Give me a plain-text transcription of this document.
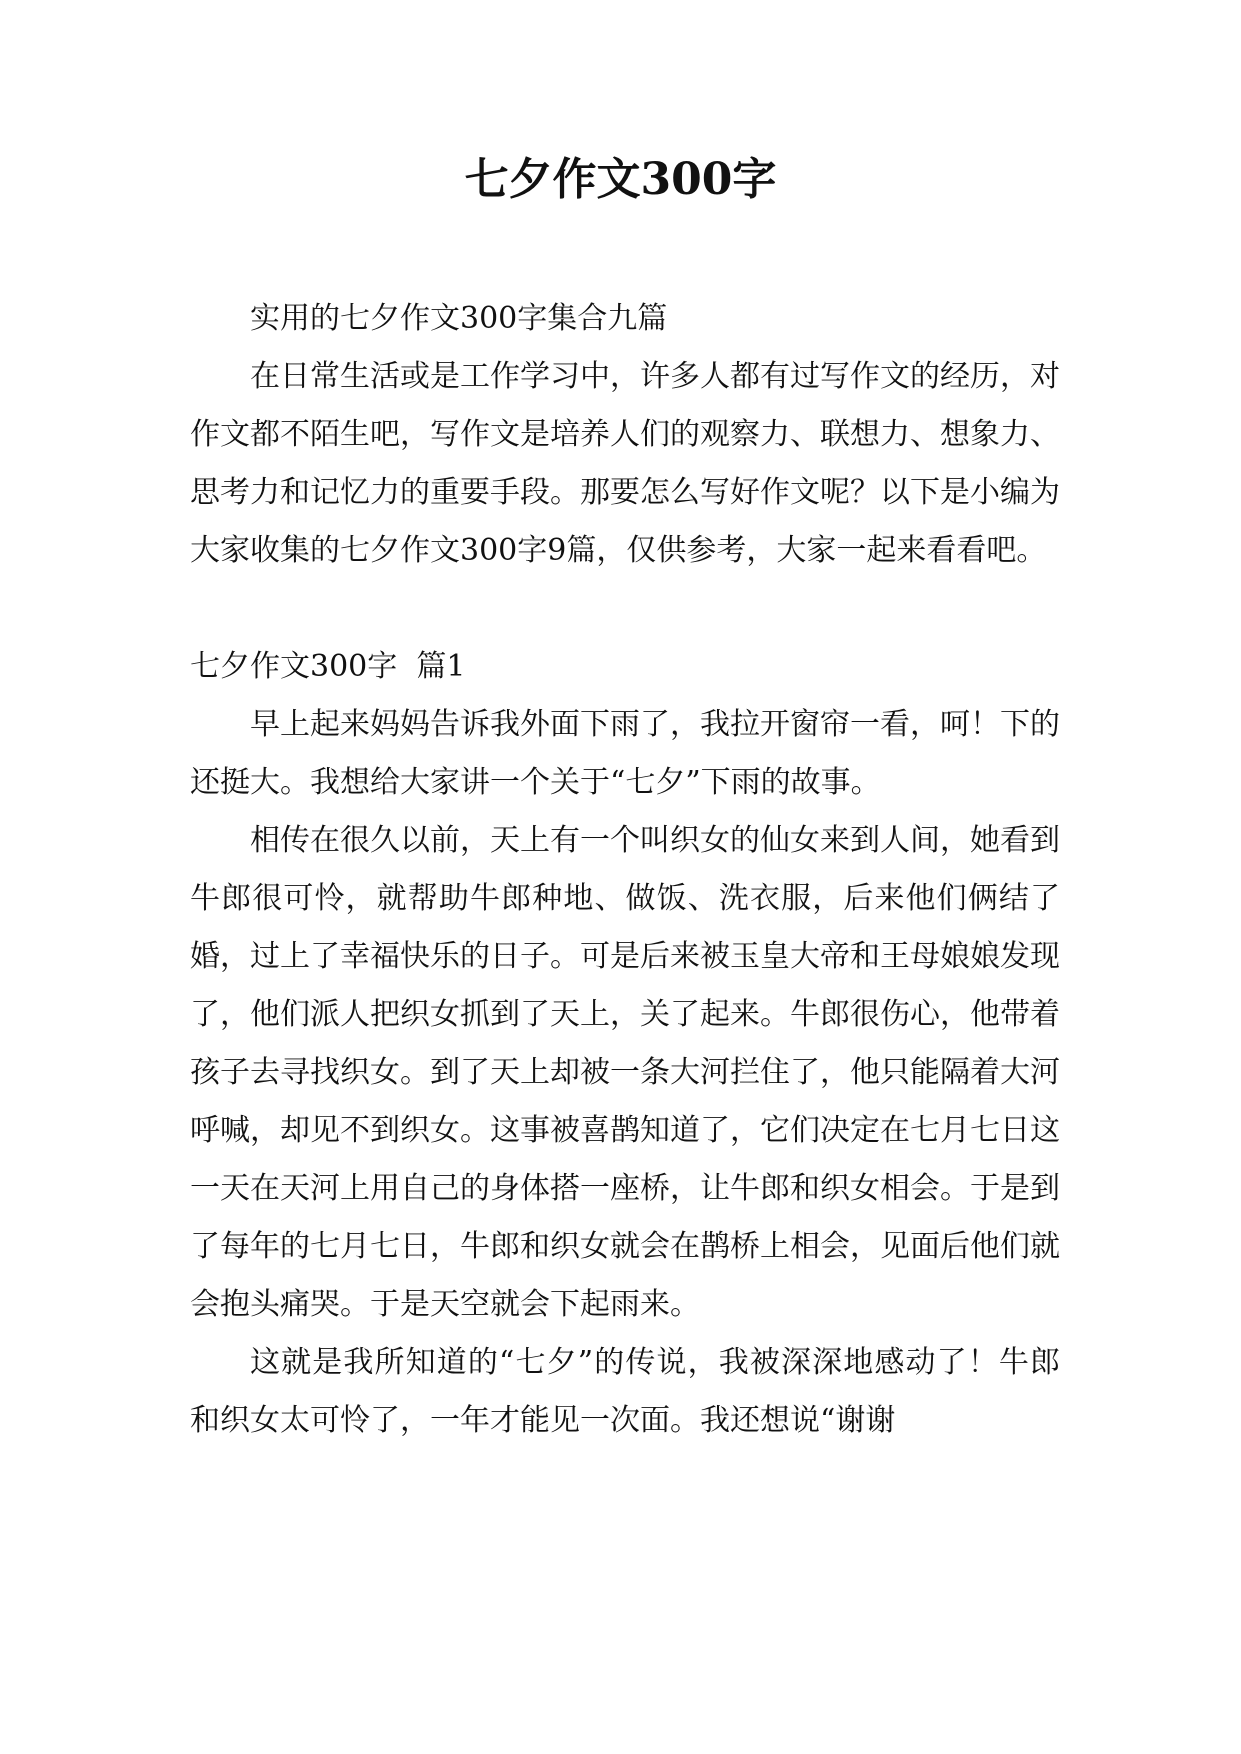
七夕作文300字

实用的七夕作文300字集合九篇

在日常生活或是工作学习中，许多人都有过写作文的经历，对作文都不陌生吧，写作文是培养人们的观察力、联想力、想象力、思考力和记忆力的重要手段。那要怎么写好作文呢？以下是小编为大家收集的七夕作文300字9篇，仅供参考，大家一起来看看吧。

七夕作文300字  篇1

早上起来妈妈告诉我外面下雨了，我拉开窗帘一看，呵！下的还挺大。我想给大家讲一个关于“七夕”下雨的故事。

相传在很久以前，天上有一个叫织女的仙女来到人间，她看到牛郎很可怜，就帮助牛郎种地、做饭、洗衣服，后来他们俩结了婚，过上了幸福快乐的日子。可是后来被玉皇大帝和王母娘娘发现了，他们派人把织女抓到了天上，关了起来。牛郎很伤心，他带着孩子去寻找织女。到了天上却被一条大河拦住了，他只能隔着大河呼喊，却见不到织女。这事被喜鹊知道了，它们决定在七月七日这一天在天河上用自己的身体搭一座桥，让牛郎和织女相会。于是到了每年的七月七日，牛郎和织女就会在鹊桥上相会，见面后他们就会抱头痛哭。于是天空就会下起雨来。

这就是我所知道的“七夕”的传说，我被深深地感动了！牛郎和织女太可怜了，一年才能见一次面。我还想说“谢谢
